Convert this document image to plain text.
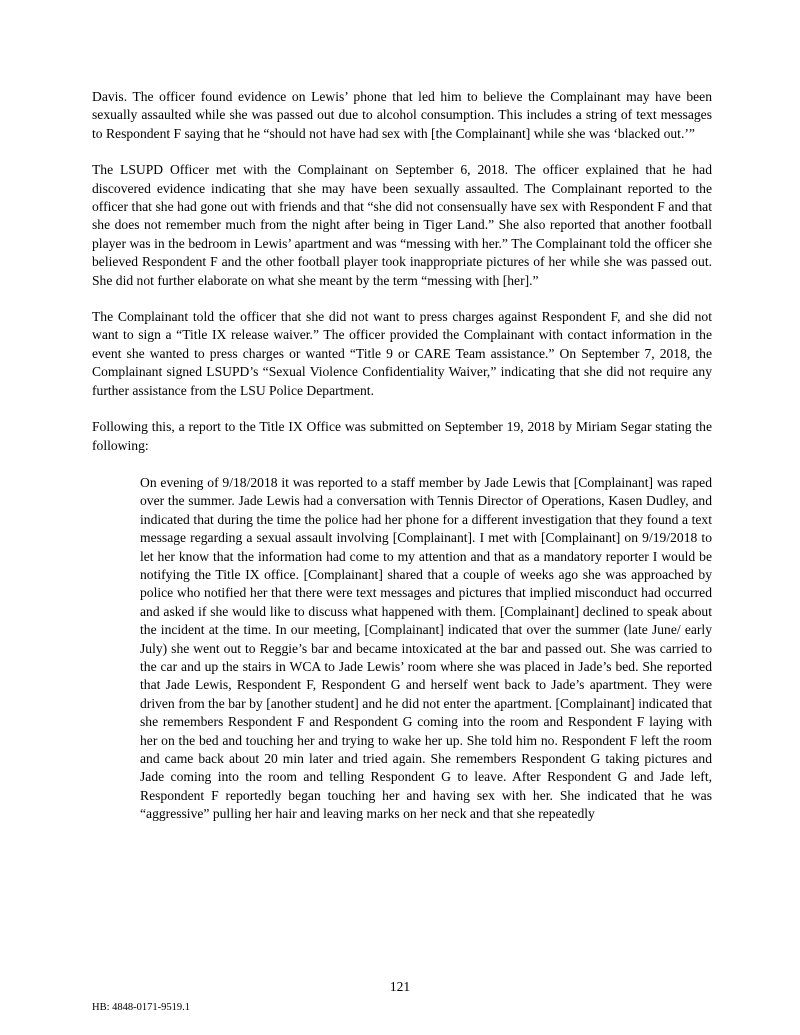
Davis. The officer found evidence on Lewis’ phone that led him to believe the Complainant may have been sexually assaulted while she was passed out due to alcohol consumption. This includes a string of text messages to Respondent F saying that he “should not have had sex with [the Complainant] while she was ‘blacked out.’”

The LSUPD Officer met with the Complainant on September 6, 2018. The officer explained that he had discovered evidence indicating that she may have been sexually assaulted. The Complainant reported to the officer that she had gone out with friends and that “she did not consensually have sex with Respondent F and that she does not remember much from the night after being in Tiger Land.” She also reported that another football player was in the bedroom in Lewis’ apartment and was “messing with her.” The Complainant told the officer she believed Respondent F and the other football player took inappropriate pictures of her while she was passed out. She did not further elaborate on what she meant by the term “messing with [her].”

The Complainant told the officer that she did not want to press charges against Respondent F, and she did not want to sign a “Title IX release waiver.” The officer provided the Complainant with contact information in the event she wanted to press charges or wanted “Title 9 or CARE Team assistance.” On September 7, 2018, the Complainant signed LSUPD’s “Sexual Violence Confidentiality Waiver,” indicating that she did not require any further assistance from the LSU Police Department.

Following this, a report to the Title IX Office was submitted on September 19, 2018 by Miriam Segar stating the following:

On evening of 9/18/2018 it was reported to a staff member by Jade Lewis that [Complainant] was raped over the summer. Jade Lewis had a conversation with Tennis Director of Operations, Kasen Dudley, and indicated that during the time the police had her phone for a different investigation that they found a text message regarding a sexual assault involving [Complainant]. I met with [Complainant] on 9/19/2018 to let her know that the information had come to my attention and that as a mandatory reporter I would be notifying the Title IX office. [Complainant] shared that a couple of weeks ago she was approached by police who notified her that there were text messages and pictures that implied misconduct had occurred and asked if she would like to discuss what happened with them. [Complainant] declined to speak about the incident at the time. In our meeting, [Complainant] indicated that over the summer (late June/ early July) she went out to Reggie’s bar and became intoxicated at the bar and passed out. She was carried to the car and up the stairs in WCA to Jade Lewis’ room where she was placed in Jade’s bed. She reported that Jade Lewis, Respondent F, Respondent G and herself went back to Jade’s apartment. They were driven from the bar by [another student] and he did not enter the apartment. [Complainant] indicated that she remembers Respondent F and Respondent G coming into the room and Respondent F laying with her on the bed and touching her and trying to wake her up. She told him no. Respondent F left the room and came back about 20 min later and tried again. She remembers Respondent G taking pictures and Jade coming into the room and telling Respondent G to leave. After Respondent G and Jade left, Respondent F reportedly began touching her and having sex with her. She indicated that he was “aggressive” pulling her hair and leaving marks on her neck and that she repeatedly

121
HB: 4848-0171-9519.1
